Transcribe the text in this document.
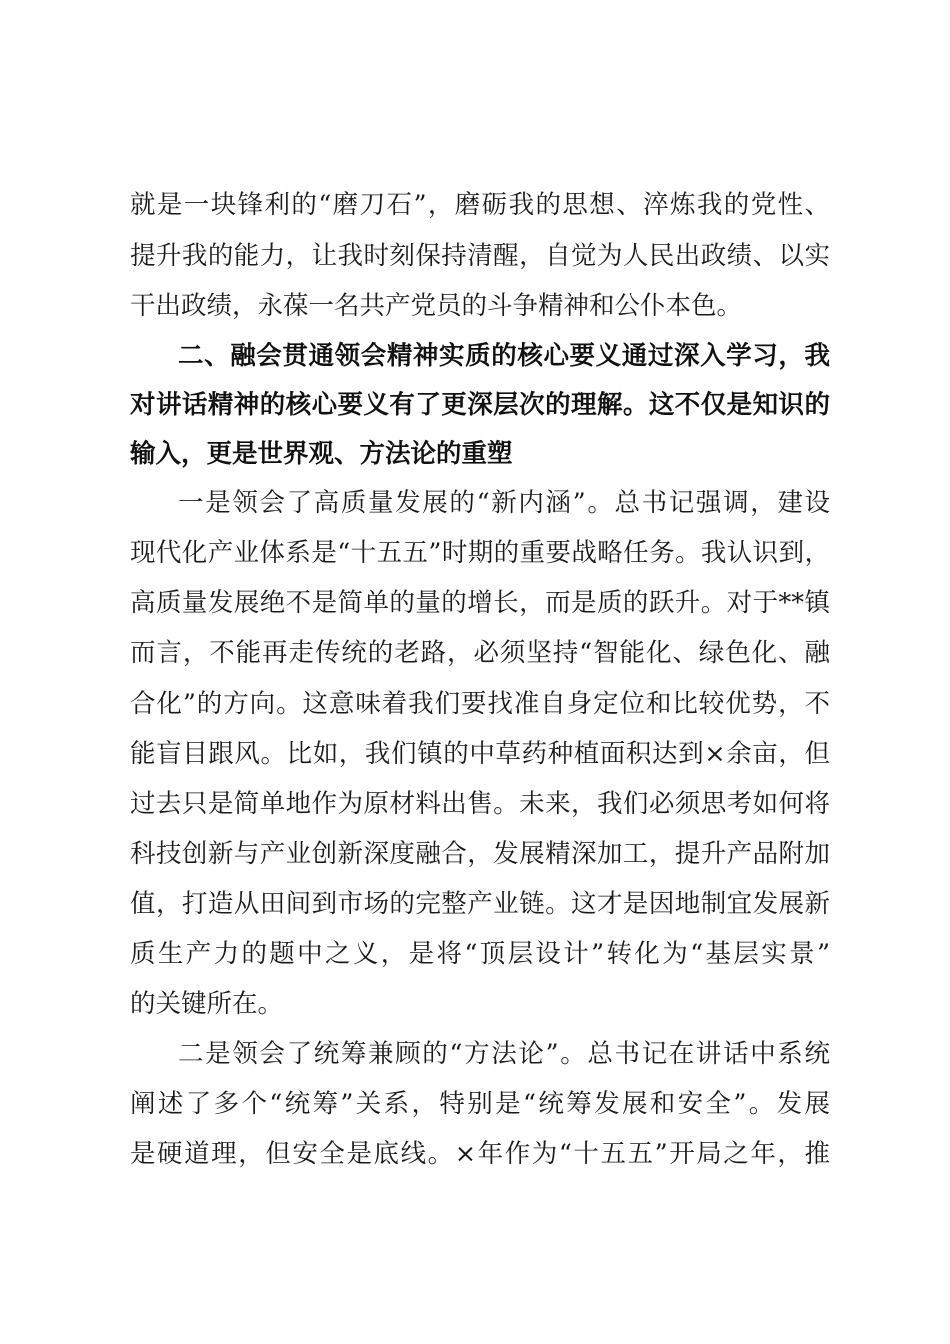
就是一块锋利的“磨刀石”，磨砺我的思想、淬炼我的党性、
提升我的能力，让我时刻保持清醒，自觉为人民出政绩、以实
干出政绩，永葆一名共产党员的斗争精神和公仆本色。
二、融会贯通领会精神实质的核心要义通过深入学习，我
对讲话精神的核心要义有了更深层次的理解。这不仅是知识的
输入，更是世界观、方法论的重塑
一是领会了高质量发展的“新内涵”。总书记强调，建设
现代化产业体系是“十五五”时期的重要战略任务。我认识到，
高质量发展绝不是简单的量的增长，而是质的跃升。对于**镇
而言，不能再走传统的老路，必须坚持“智能化、绿色化、融
合化”的方向。这意味着我们要找准自身定位和比较优势，不
能盲目跟风。比如，我们镇的中草药种植面积达到×余亩，但
过去只是简单地作为原材料出售。未来，我们必须思考如何将
科技创新与产业创新深度融合，发展精深加工，提升产品附加
值，打造从田间到市场的完整产业链。这才是因地制宜发展新
质生产力的题中之义，是将“顶层设计”转化为“基层实景”
的关键所在。
二是领会了统筹兼顾的“方法论”。总书记在讲话中系统
阐述了多个“统筹”关系，特别是“统筹发展和安全”。发展
是硬道理，但安全是底线。×年作为“十五五”开局之年，推
